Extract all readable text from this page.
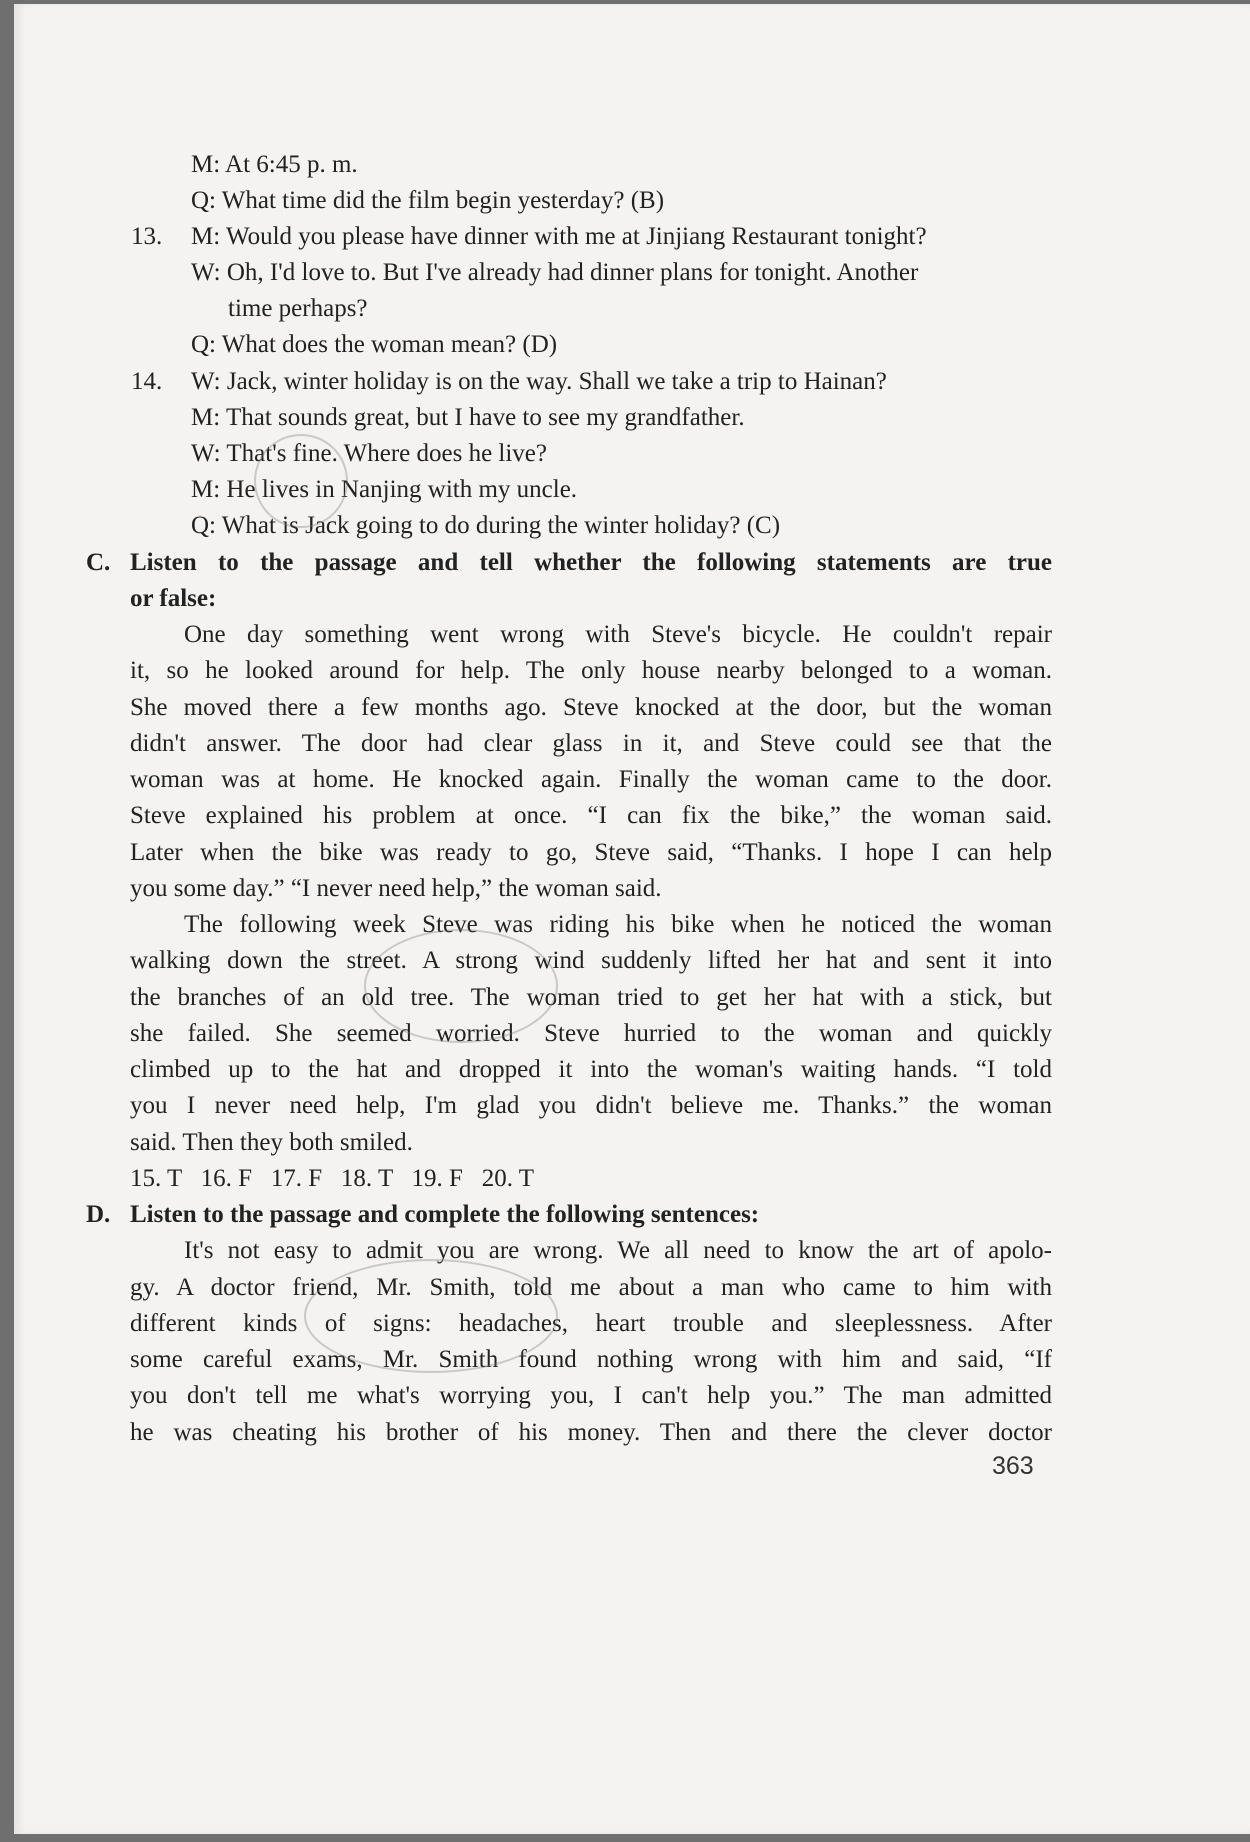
M: At 6:45 p. m.
Q: What time did the film begin yesterday? (B)
13. M: Would you please have dinner with me at Jinjiang Restaurant tonight?
W: Oh, I'd love to. But I've already had dinner plans for tonight. Another
time perhaps?
Q: What does the woman mean? (D)
14. W: Jack, winter holiday is on the way. Shall we take a trip to Hainan?
M: That sounds great, but I have to see my grandfather.
W: That's fine. Where does he live?
M: He lives in Nanjing with my uncle.
Q: What is Jack going to do during the winter holiday? (C)
C. Listen to the passage and tell whether the following statements are true
or false:
One day something went wrong with Steve's bicycle. He couldn't repair
it, so he looked around for help. The only house nearby belonged to a woman.
She moved there a few months ago. Steve knocked at the door, but the woman
didn't answer. The door had clear glass in it, and Steve could see that the
woman was at home. He knocked again. Finally the woman came to the door.
Steve explained his problem at once. “I can fix the bike,” the woman said.
Later when the bike was ready to go, Steve said, “Thanks. I hope I can help
you some day.” “I never need help,” the woman said.
The following week Steve was riding his bike when he noticed the woman
walking down the street. A strong wind suddenly lifted her hat and sent it into
the branches of an old tree. The woman tried to get her hat with a stick, but
she failed. She seemed worried. Steve hurried to the woman and quickly
climbed up to the hat and dropped it into the woman's waiting hands. “I told
you I never need help, I'm glad you didn't believe me. Thanks.” the woman
said. Then they both smiled.
15. T   16. F   17. F   18. T   19. F   20. T
D. Listen to the passage and complete the following sentences:
It's not easy to admit you are wrong. We all need to know the art of apolo-
gy. A doctor friend, Mr. Smith, told me about a man who came to him with
different kinds of signs: headaches, heart trouble and sleeplessness. After
some careful exams, Mr. Smith found nothing wrong with him and said, “If
you don't tell me what's worrying you, I can't help you.” The man admitted
he was cheating his brother of his money. Then and there the clever doctor
363
